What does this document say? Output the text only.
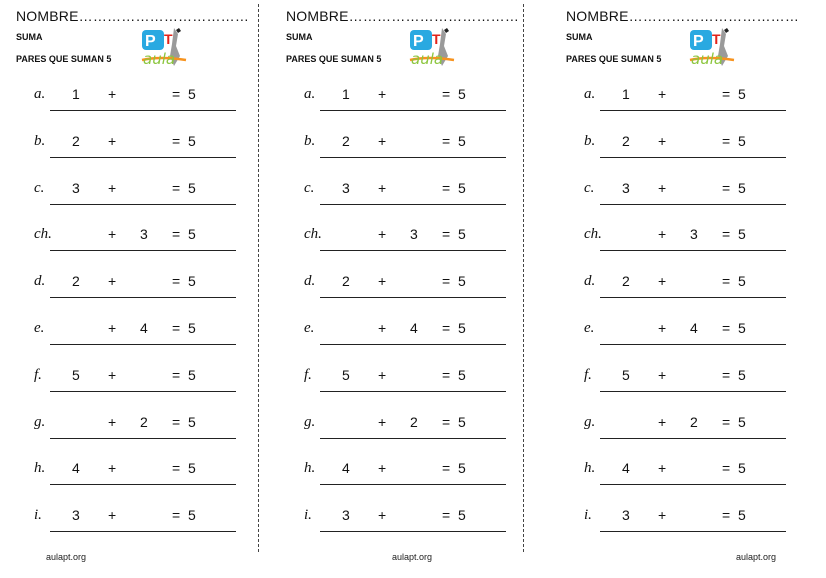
NOMBRE………………………………
SUMA
PARES QUE SUMAN 5
P T
aula
a. 1 +	= 5
b. 2 +	= 5
c. 3 +	= 5
ch.	+ 3 = 5
d. 2 +	= 5
e.	+ 4 = 5
f. 5 +	= 5
g.	+ 2 = 5
h. 4 +	= 5
i. 3 +	= 5
aulapt.org
NOMBRE………………………………
SUMA
PARES QUE SUMAN 5
P T
aula
a. 1 +	= 5
b. 2 +	= 5
c. 3 +	= 5
ch.	+ 3 = 5
d. 2 +	= 5
e.	+ 4 = 5
f. 5 +	= 5
g.	+ 2 = 5
h. 4 +	= 5
i. 3 +	= 5
aulapt.org
NOMBRE………………………………
SUMA
PARES QUE SUMAN 5
P T
aula
a. 1 +	= 5
b. 2 +	= 5
c. 3 +	= 5
ch.	+ 3 = 5
d. 2 +	= 5
e.	+ 4 = 5
f. 5 +	= 5
g.	+ 2 = 5
h. 4 +	= 5
i. 3 +	= 5
aulapt.org
